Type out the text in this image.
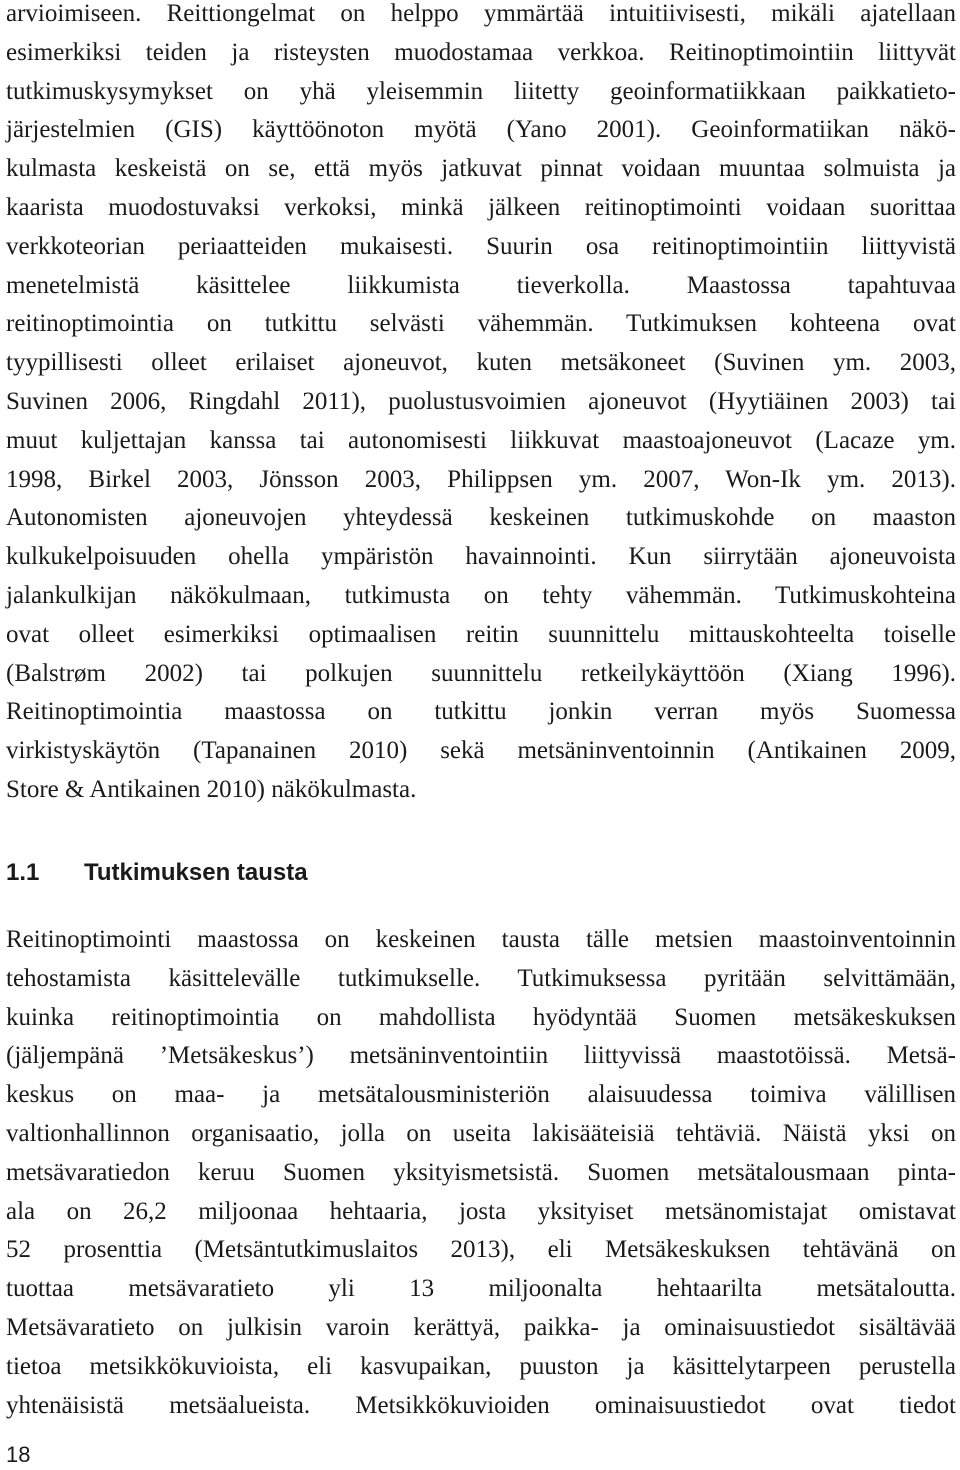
arvioimiseen. Reittiongelmat on helppo ymmärtää intuitiivisesti, mikäli ajatellaan
esimerkiksi teiden ja risteysten muodostamaa verkkoa. Reitinoptimointiin liittyvät
tutkimuskysymykset on yhä yleisemmin liitetty geoinformatiikkaan paikkatieto-
järjestelmien (GIS) käyttöönoton myötä (Yano 2001). Geoinformatiikan näkö-
kulmasta keskeistä on se, että myös jatkuvat pinnat voidaan muuntaa solmuista ja
kaarista muodostuvaksi verkoksi, minkä jälkeen reitinoptimointi voidaan suorittaa
verkkoteorian periaatteiden mukaisesti. Suurin osa reitinoptimointiin liittyvistä
menetelmistä käsittelee liikkumista tieverkolla. Maastossa tapahtuvaa
reitinoptimointia on tutkittu selvästi vähemmän. Tutkimuksen kohteena ovat
tyypillisesti olleet erilaiset ajoneuvot, kuten metsäkoneet (Suvinen ym. 2003,
Suvinen 2006, Ringdahl 2011), puolustusvoimien ajoneuvot (Hyytiäinen 2003) tai
muut kuljettajan kanssa tai autonomisesti liikkuvat maastoajoneuvot (Lacaze ym.
1998, Birkel 2003, Jönsson 2003, Philippsen ym. 2007, Won-Ik ym. 2013).
Autonomisten ajoneuvojen yhteydessä keskeinen tutkimuskohde on maaston
kulkukelpoisuuden ohella ympäristön havainnointi. Kun siirrytään ajoneuvoista
jalankulkijan näkökulmaan, tutkimusta on tehty vähemmän. Tutkimuskohteina
ovat olleet esimerkiksi optimaalisen reitin suunnittelu mittauskohteelta toiselle
(Balstrøm 2002) tai polkujen suunnittelu retkeilykäyttöön (Xiang 1996).
Reitinoptimointia maastossa on tutkittu jonkin verran myös Suomessa
virkistyskäytön (Tapanainen 2010) sekä metsäninventoinnin (Antikainen 2009,
Store & Antikainen 2010) näkökulmasta.
1.1 Tutkimuksen tausta
Reitinoptimointi maastossa on keskeinen tausta tälle metsien maastoinventoinnin
tehostamista käsittelevälle tutkimukselle. Tutkimuksessa pyritään selvittämään,
kuinka reitinoptimointia on mahdollista hyödyntää Suomen metsäkeskuksen
(jäljempänä ’Metsäkeskus’) metsäninventointiin liittyvissä maastotöissä. Metsä-
keskus on maa- ja metsätalousministeriön alaisuudessa toimiva välillisen
valtionhallinnon organisaatio, jolla on useita lakisääteisiä tehtäviä. Näistä yksi on
metsävaratiedon keruu Suomen yksityismetsistä. Suomen metsätalousmaan pinta-
ala on 26,2 miljoonaa hehtaaria, josta yksityiset metsänomistajat omistavat
52 prosenttia (Metsäntutkimuslaitos 2013), eli Metsäkeskuksen tehtävänä on
tuottaa metsävaratieto yli 13 miljoonalta hehtaarilta metsätaloutta.
Metsävaratieto on julkisin varoin kerättyä, paikka- ja ominaisuustiedot sisältävää
tietoa metsikkökuvioista, eli kasvupaikan, puuston ja käsittelytarpeen perustella
yhtenäisistä metsäalueista. Metsikkökuvioiden ominaisuustiedot ovat tiedot
18
